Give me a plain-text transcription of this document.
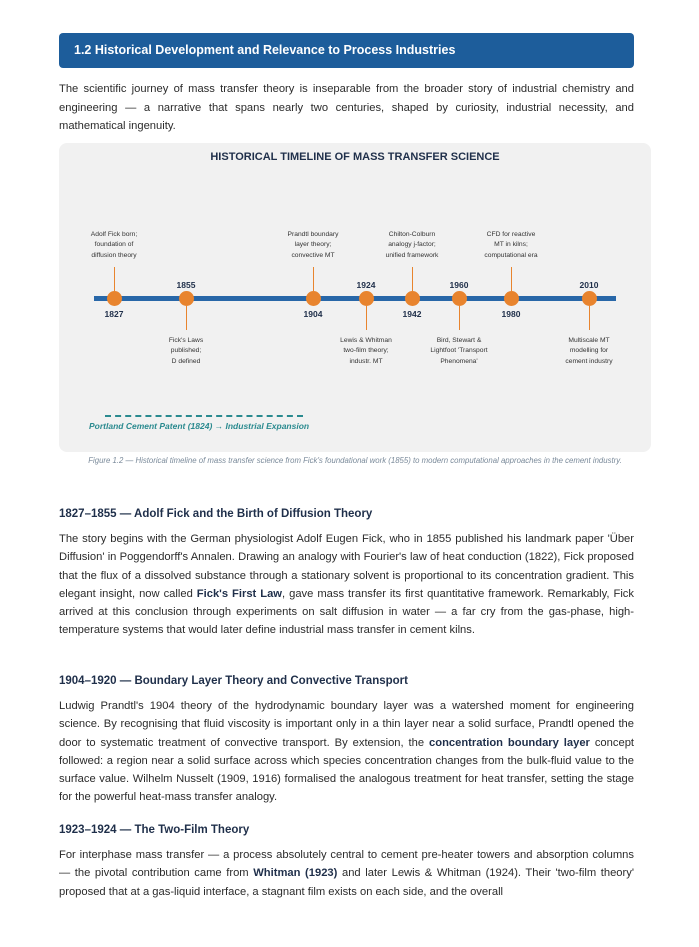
1.2 Historical Development and Relevance to Process Industries

The scientific journey of mass transfer theory is inseparable from the broader story of industrial chemistry and engineering — a narrative that spans nearly two centuries, shaped by curiosity, industrial necessity, and mathematical ingenuity.

HISTORICAL TIMELINE OF MASS TRANSFER SCIENCE
1827
Adolf Fick born;
foundation of
diffusion theory
1855
Fick's Laws
published;
D defined
1904
Prandtl boundary
layer theory;
convective MT
1924
Lewis & Whitman
two-film theory;
industr. MT
1942
Chilton-Colburn
analogy j-factor;
unified framework
1960
Bird, Stewart &
Lightfoot 'Transport
Phenomena'
1980
CFD for reactive
MT in kilns;
computational era
2010
Multiscale MT
modelling for
cement industry
Portland Cement Patent (1824) → Industrial Expansion

Figure 1.2 — Historical timeline of mass transfer science from Fick's foundational work (1855) to modern computational approaches in the cement industry.

1827–1855 — Adolf Fick and the Birth of Diffusion Theory

The story begins with the German physiologist Adolf Eugen Fick, who in 1855 published his landmark paper 'Über Diffusion' in Poggendorff's Annalen. Drawing an analogy with Fourier's law of heat conduction (1822), Fick proposed that the flux of a dissolved substance through a stationary solvent is proportional to its concentration gradient. This elegant insight, now called Fick's First Law, gave mass transfer its first quantitative framework. Remarkably, Fick arrived at this conclusion through experiments on salt diffusion in water — a far cry from the gas-phase, high-temperature systems that would later define industrial mass transfer in cement kilns.

1904–1920 — Boundary Layer Theory and Convective Transport

Ludwig Prandtl's 1904 theory of the hydrodynamic boundary layer was a watershed moment for engineering science. By recognising that fluid viscosity is important only in a thin layer near a solid surface, Prandtl opened the door to systematic treatment of convective transport. By extension, the concentration boundary layer concept followed: a region near a solid surface across which species concentration changes from the bulk-fluid value to the surface value. Wilhelm Nusselt (1909, 1916) formalised the analogous treatment for heat transfer, setting the stage for the powerful heat-mass transfer analogy.

1923–1924 — The Two-Film Theory

For interphase mass transfer — a process absolutely central to cement pre-heater towers and absorption columns — the pivotal contribution came from Whitman (1923) and later Lewis & Whitman (1924). Their 'two-film theory' proposed that at a gas-liquid interface, a stagnant film exists on each side, and the overall
